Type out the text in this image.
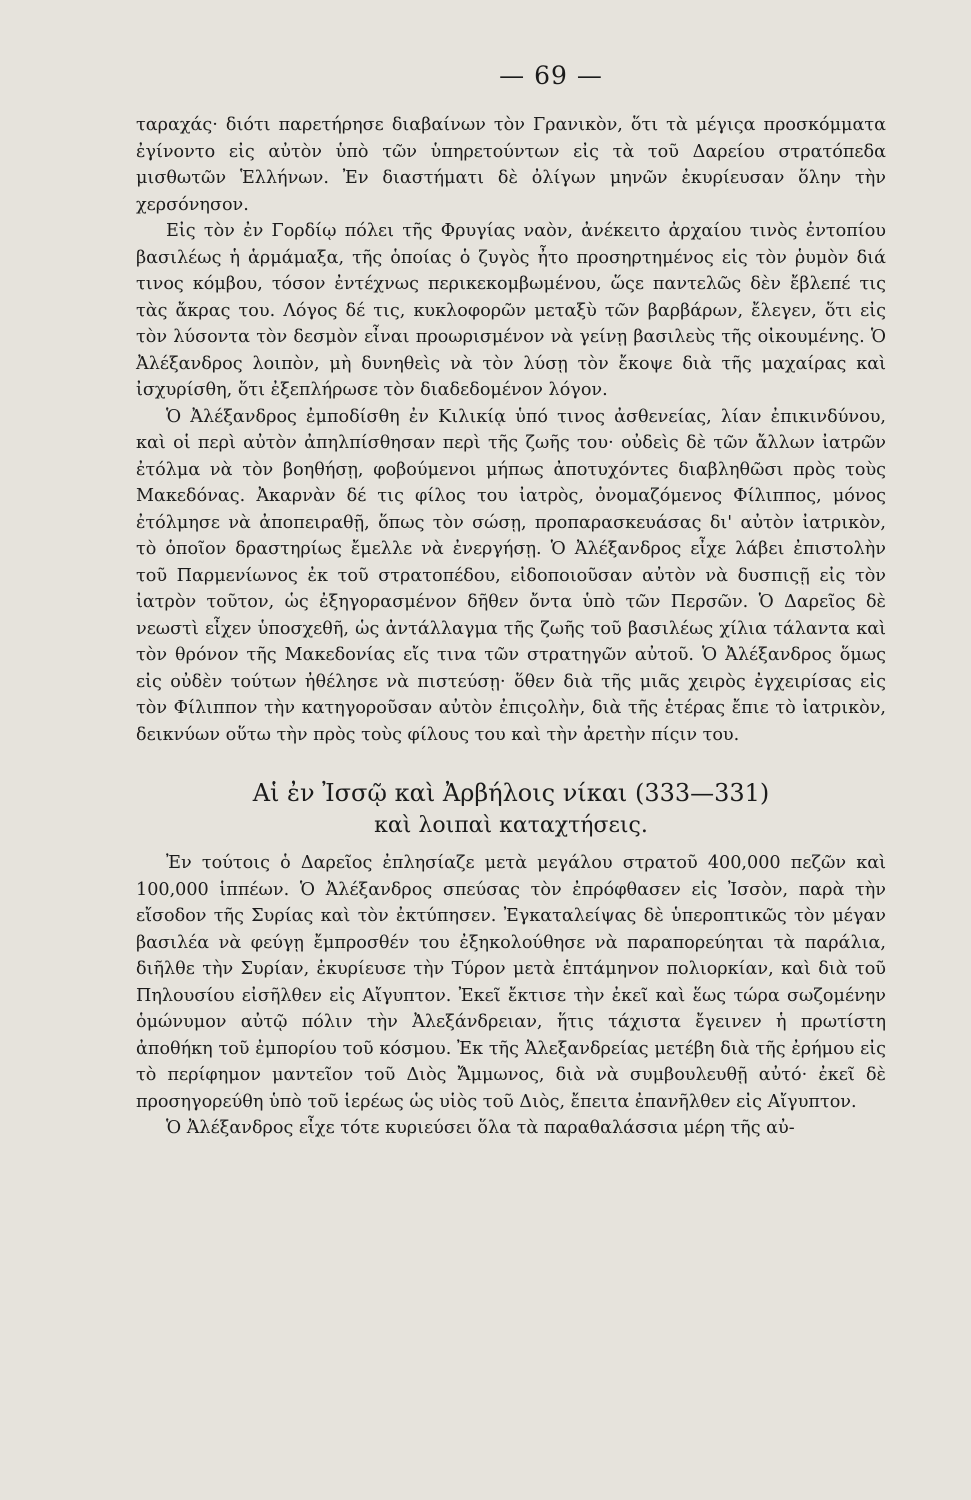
— 69 —

ταραχάς· διότι παρετήρησε διαβαίνων τὸν Γρανικὸν, ὅτι τὰ μέγιςα προσκόμματα ἐγίνοντο εἰς αὐτὸν ὑπὸ τῶν ὑπηρετούντων εἰς τὰ τοῦ Δαρείου στρατόπεδα μισθωτῶν Ἑλλήνων. Ἐν διαστήματι δὲ ὀλίγων μηνῶν ἐκυρίευσαν ὅλην τὴν χερσόνησον.

Εἰς τὸν ἐν Γορδίῳ πόλει τῆς Φρυγίας ναὸν, ἀνέκειτο ἀρχαίου τινὸς ἐντοπίου βασιλέως ἡ ἁρμάμαξα, τῆς ὁποίας ὁ ζυγὸς ἦτο προσηρτημένος εἰς τὸν ῥυμὸν διά τινος κόμβου, τόσον ἐντέχνως περικεκομβωμένου, ὥςε παντελῶς δὲν ἔβλεπέ τις τὰς ἄκρας του. Λόγος δέ τις, κυκλοφορῶν μεταξὺ τῶν βαρβάρων, ἔλεγεν, ὅτι εἰς τὸν λύσοντα τὸν δεσμὸν εἶναι προωρισμένον νὰ γείνῃ βασιλεὺς τῆς οἰκουμένης. Ὁ Ἀλέξανδρος λοιπὸν, μὴ δυνηθεὶς νὰ τὸν λύσῃ τὸν ἔκοψε διὰ τῆς μαχαίρας καὶ ἰσχυρίσθη, ὅτι ἐξεπλήρωσε τὸν διαδεδομένον λόγον.

Ὁ Ἀλέξανδρος ἐμποδίσθη ἐν Κιλικίᾳ ὑπό τινος ἀσθενείας, λίαν ἐπικινδύνου, καὶ οἱ περὶ αὐτὸν ἀπηλπίσθησαν περὶ τῆς ζωῆς του· οὐδεὶς δὲ τῶν ἄλλων ἰατρῶν ἐτόλμα νὰ τὸν βοηθήσῃ, φοβούμενοι μήπως ἀποτυχόντες διαβληθῶσι πρὸς τοὺς Μακεδόνας. Ἀκαρνὰν δέ τις φίλος του ἰατρὸς, ὀνομαζόμενος Φίλιππος, μόνος ἐτόλμησε νὰ ἀποπειραθῇ, ὅπως τὸν σώσῃ, προπαρασκευάσας δι' αὐτὸν ἰατρικὸν, τὸ ὁποῖον δραστηρίως ἔμελλε νὰ ἐνεργήσῃ. Ὁ Ἀλέξανδρος εἶχε λάβει ἐπιστολὴν τοῦ Παρμενίωνος ἐκ τοῦ στρατοπέδου, εἰδοποιοῦσαν αὐτὸν νὰ δυσπιςῇ εἰς τὸν ἰατρὸν τοῦτον, ὡς ἐξηγορασμένον δῆθεν ὄντα ὑπὸ τῶν Περσῶν. Ὁ Δαρεῖος δὲ νεωστὶ εἶχεν ὑποσχεθῆ, ὡς ἀντάλλαγμα τῆς ζωῆς τοῦ βασιλέως χίλια τάλαντα καὶ τὸν θρόνον τῆς Μακεδονίας εἴς τινα τῶν στρατηγῶν αὐτοῦ. Ὁ Ἀλέξανδρος ὅμως εἰς οὐδὲν τούτων ἠθέλησε νὰ πιστεύσῃ· ὅθεν διὰ τῆς μιᾶς χειρὸς ἐγχειρίσας εἰς τὸν Φίλιππον τὴν κατηγοροῦσαν αὐτὸν ἐπιςολὴν, διὰ τῆς ἑτέρας ἔπιε τὸ ἰατρικὸν, δεικνύων οὕτω τὴν πρὸς τοὺς φίλους του καὶ τὴν ἀρετὴν πίςιν του.

Αἱ ἐν Ἰσσῷ καὶ Ἀρβήλοις νίκαι (333—331)
καὶ λοιπαὶ καταχτήσεις.

Ἐν τούτοις ὁ Δαρεῖος ἐπλησίαζε μετὰ μεγάλου στρατοῦ 400,000 πεζῶν καὶ 100,000 ἱππέων. Ὁ Ἀλέξανδρος σπεύσας τὸν ἐπρόφθασεν εἰς Ἰσσὸν, παρὰ τὴν εἴσοδον τῆς Συρίας καὶ τὸν ἐκτύπησεν. Ἐγκαταλείψας δὲ ὑπεροπτικῶς τὸν μέγαν βασιλέα νὰ φεύγῃ ἔμπροσθέν του ἐξηκολούθησε νὰ παραπορεύηται τὰ παράλια, διῆλθε τὴν Συρίαν, ἐκυρίευσε τὴν Τύρον μετὰ ἑπτάμηνον πολιορκίαν, καὶ διὰ τοῦ Πηλουσίου εἰσῆλθεν εἰς Αἴγυπτον. Ἐκεῖ ἔκτισε τὴν ἐκεῖ καὶ ἕως τώρα σωζομένην ὁμώνυμον αὐτῷ πόλιν τὴν Ἀλεξάνδρειαν, ἥτις τάχιστα ἔγεινεν ἡ πρωτίστη ἀποθήκη τοῦ ἐμπορίου τοῦ κόσμου. Ἐκ τῆς Ἀλεξανδρείας μετέβη διὰ τῆς ἐρήμου εἰς τὸ περίφημον μαντεῖον τοῦ Διὸς Ἄμμωνος, διὰ νὰ συμβουλευθῇ αὐτό· ἐκεῖ δὲ προσηγορεύθη ὑπὸ τοῦ ἱερέως ὡς υἱὸς τοῦ Διὸς, ἔπειτα ἐπανῆλθεν εἰς Αἴγυπτον.

Ὁ Ἀλέξανδρος εἶχε τότε κυριεύσει ὅλα τὰ παραθαλάσσια μέρη τῆς αὐ-
